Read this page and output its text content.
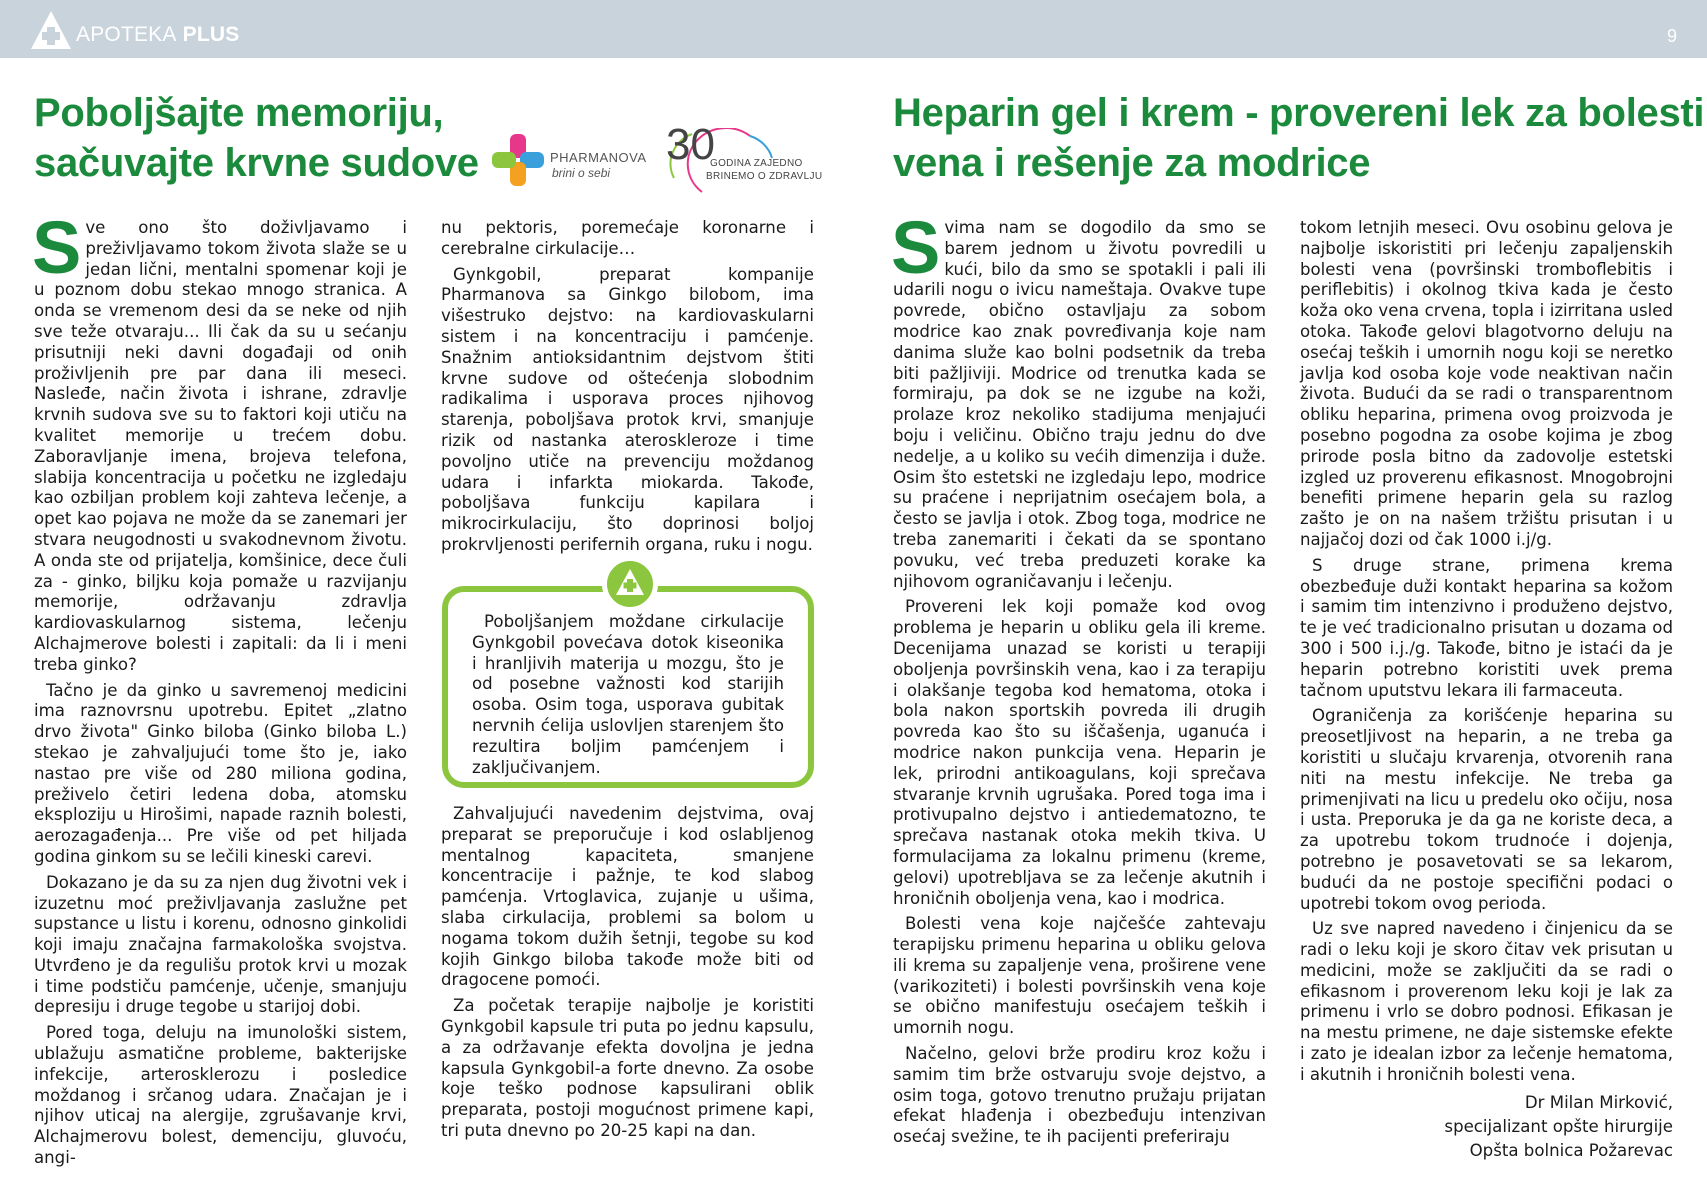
APOTEKA PLUS	9
Poboljšajte memoriju,
sačuvajte krvne sudove	PHARMANOVA
brini o sebi
30
GODINA ZAJEDNO
BRINEMO O ZDRAVLJU
Heparin gel i krem - provereni lek za bolesti
vena i rešenje za modrice

Sve ono što doživljavamo i preživljavamo tokom života slaže se u jedan lični, mentalni spomenar koji je u poznom dobu stekao mnogo stranica. A onda se vremenom desi da se neke od njih sve teže otvaraju... Ili čak da su u sećanju prisutniji neki davni događaji od onih proživljenih pre par dana ili meseci. Nasleđe, način života i ishrane, zdravlje krvnih sudova sve su to faktori koji utiču na kvalitet memorije u trećem dobu. Zaboravljanje imena, brojeva telefona, slabija koncentracija u početku ne izgledaju kao ozbiljan problem koji zahteva lečenje, a opet kao pojava ne može da se zanemari jer stvara neugodnosti u svakodnevnom životu. A onda ste od prijatelja, komšinice, dece čuli za - ginko, biljku koja pomaže u razvijanju memorije, održavanju zdravlja kardiovaskularnog sistema, lečenju Alchajmerove bolesti i zapitali: da li i meni treba ginko?

Tačno je da ginko u savremenoj medicini ima raznovrsnu upotrebu. Epitet „zlatno drvo života" Ginko biloba (Ginko biloba L.) stekao je zahvaljujući tome što je, iako nastao pre više od 280 miliona godina, preživelo četiri ledena doba, atomsku eksploziju u Hirošimi, napade raznih bolesti, aerozagađenja... Pre više od pet hiljada godina ginkom su se lečili kineski carevi.

Dokazano je da su za njen dug životni vek i izuzetnu moć preživljavanja zaslužne pet supstance u listu i korenu, odnosno ginkolidi koji imaju značajna farmakološka svojstva. Utvrđeno je da regulišu protok krvi u mozak i time podstiču pamćenje, učenje, smanjuju depresiju i druge tegobe u starijoj dobi.

Pored toga, deluju na imunološki sistem, ublažuju asmatične probleme, bakterijske infekcije, arterosklerozu i posledice moždanog i srčanog udara. Značajan je i njihov uticaj na alergije, zgrušavanje krvi, Alchajmerovu bolest, demenciju, gluvoću, angi-

nu pektoris, poremećaje koronarne i cerebralne cirkulacije…

Gynkgobil, preparat kompanije Pharmanova sa Ginkgo bilobom, ima višestruko dejstvo: na kardiovaskularni sistem i na koncentraciju i pamćenje. Snažnim antioksidantnim dejstvom štiti krvne sudove od oštećenja slobodnim radikalima i usporava proces njihovog starenja, poboljšava protok krvi, smanjuje rizik od nastanka ateroskleroze i time povoljno utiče na prevenciju moždanog udara i infarkta miokarda. Takođe, poboljšava funkciju kapilara i mikrocirkulaciju, što doprinosi boljoj prokrvljenosti perifernih organa, ruku i nogu.

Poboljšanjem moždane cirkulacije Gynkgobil povećava dotok kiseonika i hranljivih materija u mozgu, što je od posebne važnosti kod starijih osoba. Osim toga, usporava gubitak nervnih ćelija uslovljen starenjem što rezultira boljim pamćenjem i zaključivanjem.

Zahvaljujući navedenim dejstvima, ovaj preparat se preporučuje i kod oslabljenog mentalnog kapaciteta, smanjene koncentracije i pažnje, te kod slabog pamćenja. Vrtoglavica, zujanje u ušima, slaba cirkulacija, problemi sa bolom u nogama tokom dužih šetnji, tegobe su kod kojih Ginkgo biloba takođe može biti od dragocene pomoći.

Za početak terapije najbolje je koristiti Gynkgobil kapsule tri puta po jednu kapsulu, a za održavanje efekta dovoljna je jedna kapsula Gynkgobil-a forte dnevno. Za osobe koje teško podnose kapsulirani oblik preparata, postoji mogućnost primene kapi, tri puta dnevno po 20-25 kapi na dan.

Svima nam se dogodilo da smo se barem jednom u životu povredili u kući, bilo da smo se spotakli i pali ili udarili nogu o ivicu nameštaja. Ovakve tupe povrede, obično ostavljaju za sobom modrice kao znak povređivanja koje nam danima služe kao bolni podsetnik da treba biti pažljiviji. Modrice od trenutka kada se formiraju, pa dok se ne izgube na koži, prolaze kroz nekoliko stadijuma menjajući boju i veličinu. Obično traju jednu do dve nedelje, a u koliko su većih dimenzija i duže. Osim što estetski ne izgledaju lepo, modrice su praćene i neprijatnim osećajem bola, a često se javlja i otok. Zbog toga, modrice ne treba zanemariti i čekati da se spontano povuku, već treba preduzeti korake ka njihovom ograničavanju i lečenju.

Provereni lek koji pomaže kod ovog problema je heparin u obliku gela ili kreme. Decenijama unazad se koristi u terapiji oboljenja površinskih vena, kao i za terapiju i olakšanje tegoba kod hematoma, otoka i bola nakon sportskih povreda ili drugih povreda kao što su iščašenja, uganuća i modrice nakon punkcija vena. Heparin je lek, prirodni antikoagulans, koji sprečava stvaranje krvnih ugrušaka. Pored toga ima i protivupalno dejstvo i antiedematozno, te sprečava nastanak otoka mekih tkiva. U formulacijama za lokalnu primenu (kreme, gelovi) upotrebljava se za lečenje akutnih i hroničnih oboljenja vena, kao i modrica.

Bolesti vena koje najčešće zahtevaju terapijsku primenu heparina u obliku gelova ili krema su zapaljenje vena, proširene vene (varikoziteti) i bolesti površinskih vena koje se obično manifestuju osećajem teških i umornih nogu.

Načelno, gelovi brže prodiru kroz kožu i samim tim brže ostvaruju svoje dejstvo, a osim toga, gotovo trenutno pružaju prijatan efekat hlađenja i obezbeđuju intenzivan osećaj svežine, te ih pacijenti preferiraju

tokom letnjih meseci. Ovu osobinu gelova je najbolje iskoristiti pri lečenju zapaljenskih bolesti vena (površinski tromboflebitis i periflebitis) i okolnog tkiva kada je često koža oko vena crvena, topla i izirritana usled otoka. Takođe gelovi blagotvorno deluju na osećaj teških i umornih nogu koji se neretko javlja kod osoba koje vode neaktivan način života. Budući da se radi o transparentnom obliku heparina, primena ovog proizvoda je posebno pogodna za osobe kojima je zbog prirode posla bitno da zadovolje estetski izgled uz proverenu efikasnost. Mnogobrojni benefiti primene heparin gela su razlog zašto je on na našem tržištu prisutan i u najjačoj dozi od čak 1000 i.j/g.

S druge strane, primena krema obezbeđuje duži kontakt heparina sa kožom i samim tim intenzivno i produženo dejstvo, te je već tradicionalno prisutan u dozama od 300 i 500 i.j./g. Takođe, bitno je istaći da je heparin potrebno koristiti uvek prema tačnom uputstvu lekara ili farmaceuta.

Ograničenja za korišćenje heparina su preosetljivost na heparin, a ne treba ga koristiti u slučaju krvarenja, otvorenih rana niti na mestu infekcije. Ne treba ga primenjivati na licu u predelu oko očiju, nosa i usta. Preporuka je da ga ne koriste deca, a za upotrebu tokom trudnoće i dojenja, potrebno je posavetovati se sa lekarom, budući da ne postoje specifični podaci o upotrebi tokom ovog perioda.

Uz sve napred navedeno i činjenicu da se radi o leku koji je skoro čitav vek prisutan u medicini, može se zaključiti da se radi o efikasnom i proverenom leku koji je lak za primenu i vrlo se dobro podnosi. Efikasan je na mestu primene, ne daje sistemske efekte i zato je idealan izbor za lečenje hematoma, i akutnih i hroničnih bolesti vena.

Dr Milan Mirković,
specijalizant opšte hirurgije
Opšta bolnica Požarevac
